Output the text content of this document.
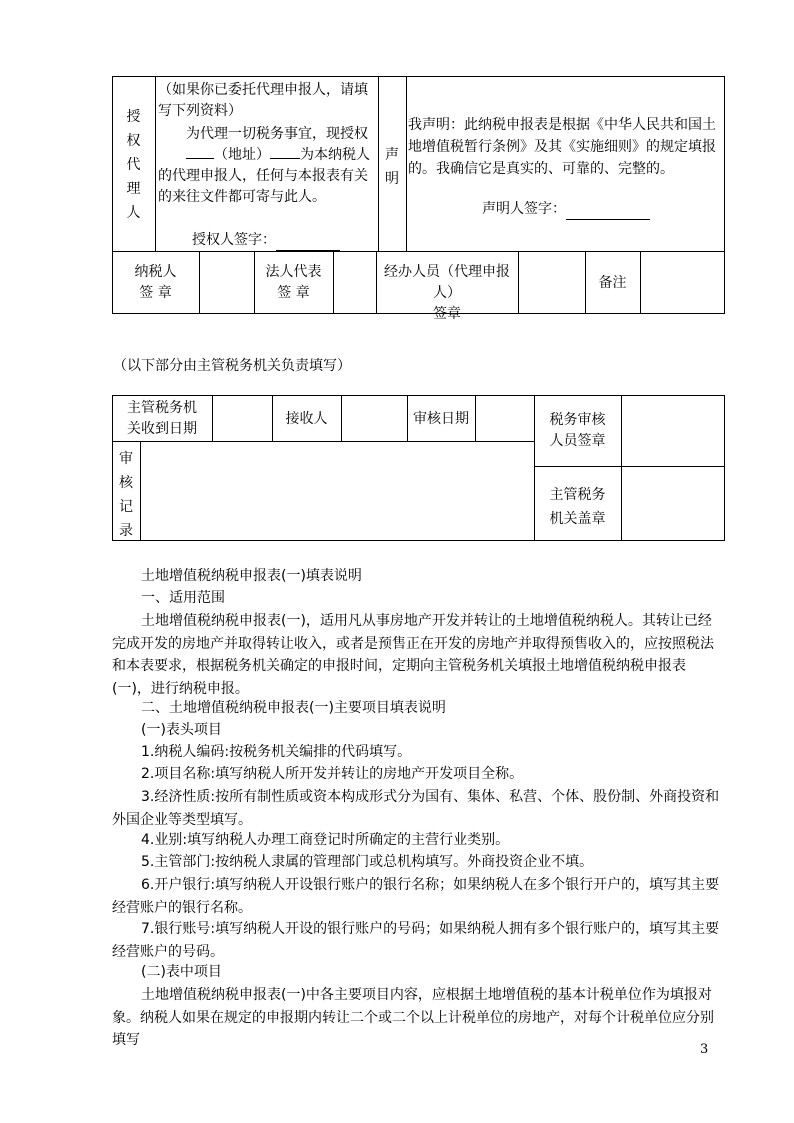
授
权
代
理
人
（如果你已委托代理申报人，请填写下列资料）
为代理一切税务事宜，现授权（地址） 为本纳税人的代理申报人，任何与本报表有关的来往文件都可寄与此人。
授权人签字：
声
明
我声明：此纳税申报表是根据《中华人民共和国土地增值税暂行条例》及其《实施细则》的规定填报的。我确信它是真实的、可靠的、完整的。
声明人签字：
纳税人
签 章
法人代表
签 章
经办人员（代理申报人）
签章
备注
（以下部分由主管税务机关负责填写）
主管税务机
关收到日期
接收人	审核日期	税务审核
人员签章
审
核
记
录
主管税务
机关盖章
土地增值税纳税申报表(一)填表说明
一、适用范围
土地增值税纳税申报表(一)，适用凡从事房地产开发并转让的土地增值税纳税人。其转让已经完成开发的房地产并取得转让收入，或者是预售正在开发的房地产并取得预售收入的，应按照税法和本表要求，根据税务机关确定的申报时间，定期向主管税务机关填报土地增值税纳税申报表(一)，进行纳税申报。
二、土地增值税纳税申报表(一)主要项目填表说明
(一)表头项目
1.纳税人编码:按税务机关编排的代码填写。
2.项目名称:填写纳税人所开发并转让的房地产开发项目全称。
3.经济性质:按所有制性质或资本构成形式分为国有、集体、私营、个体、股份制、外商投资和外国企业等类型填写。
4.业别:填写纳税人办理工商登记时所确定的主营行业类别。
5.主管部门:按纳税人隶属的管理部门或总机构填写。外商投资企业不填。
6.开户银行:填写纳税人开设银行账户的银行名称；如果纳税人在多个银行开户的，填写其主要经营账户的银行名称。
7.银行账号:填写纳税人开设的银行账户的号码；如果纳税人拥有多个银行账户的，填写其主要经营账户的号码。
(二)表中项目
土地增值税纳税申报表(一)中各主要项目内容，应根据土地增值税的基本计税单位作为填报对象。纳税人如果在规定的申报期内转让二个或二个以上计税单位的房地产，对每个计税单位应分别填写
3
